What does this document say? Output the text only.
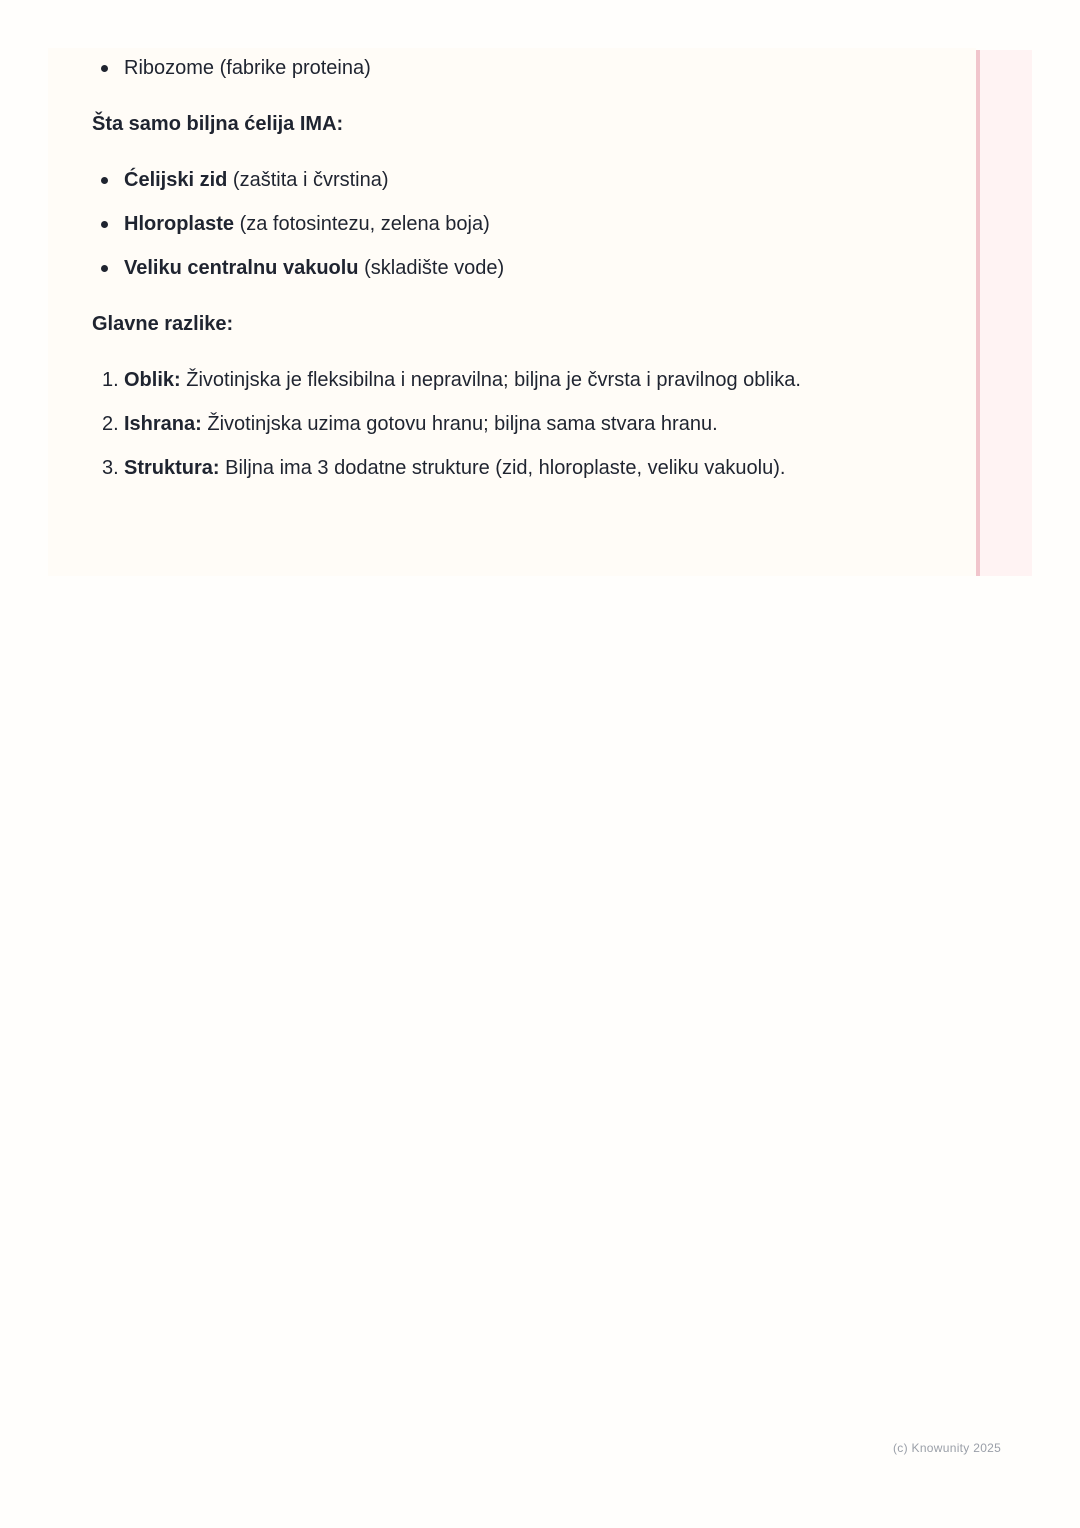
Ribozome (fabrike proteina)

Šta samo biljna ćelija IMA:

Ćelijski zid (zaštita i čvrstina)
Hloroplaste (za fotosintezu, zelena boja)
Veliku centralnu vakuolu (skladište vode)

Glavne razlike:

1. Oblik: Životinjska je fleksibilna i nepravilna; biljna je čvrsta i pravilnog oblika.
2. Ishrana: Životinjska uzima gotovu hranu; biljna sama stvara hranu.
3. Struktura: Biljna ima 3 dodatne strukture (zid, hloroplaste, veliku vakuolu).
(c) Knowunity 2025
